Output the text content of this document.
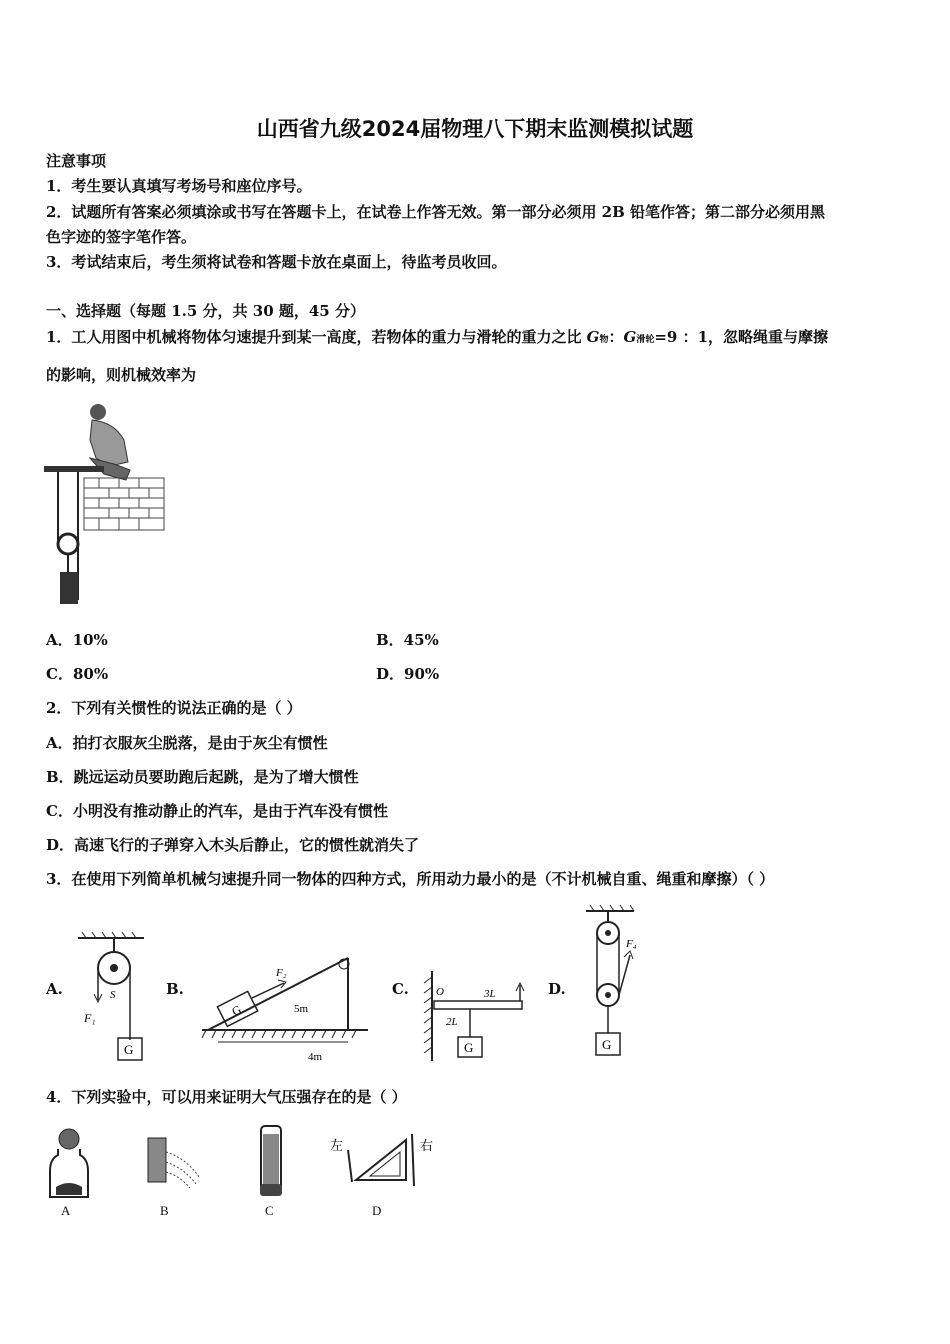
山西省九级2024届物理八下期末监测模拟试题
注意事项
1．考生要认真填写考场号和座位序号。
2．试题所有答案必须填涂或书写在答题卡上，在试卷上作答无效。第一部分必须用 2B 铅笔作答；第二部分必须用黑
色字迹的签字笔作答。
3．考试结束后，考生须将试卷和答题卡放在桌面上，待监考员收回。
一、选择题（每题 1.5 分，共 30 题，45 分）
1．工人用图中机械将物体匀速提升到某一高度，若物体的重力与滑轮的重力之比 G物：G滑轮=9 ：1，忽略绳重与摩擦
的影响，则机械效率为
A．10%	B．45%
C．80%	D．90%
2．下列有关惯性的说法正确的是（ ）
A．拍打衣服灰尘脱落，是由于灰尘有惯性
B．跳远运动员要助跑后起跳，是为了增大惯性
C．小明没有推动静止的汽车，是由于汽车没有惯性
D．高速飞行的子弹穿入木头后静止，它的惯性就消失了
3．在使用下列简单机械匀速提升同一物体的四种方式，所用动力最小的是（不计机械自重、绳重和摩擦）（ ）
A.	B.	C.	D.
S
F₁
G
G
F₂
5m
4m
O	3L
2L
G
F₄
G
4．下列实验中，可以用来证明大气压强存在的是（ ）
左	右
A	B	C	D
